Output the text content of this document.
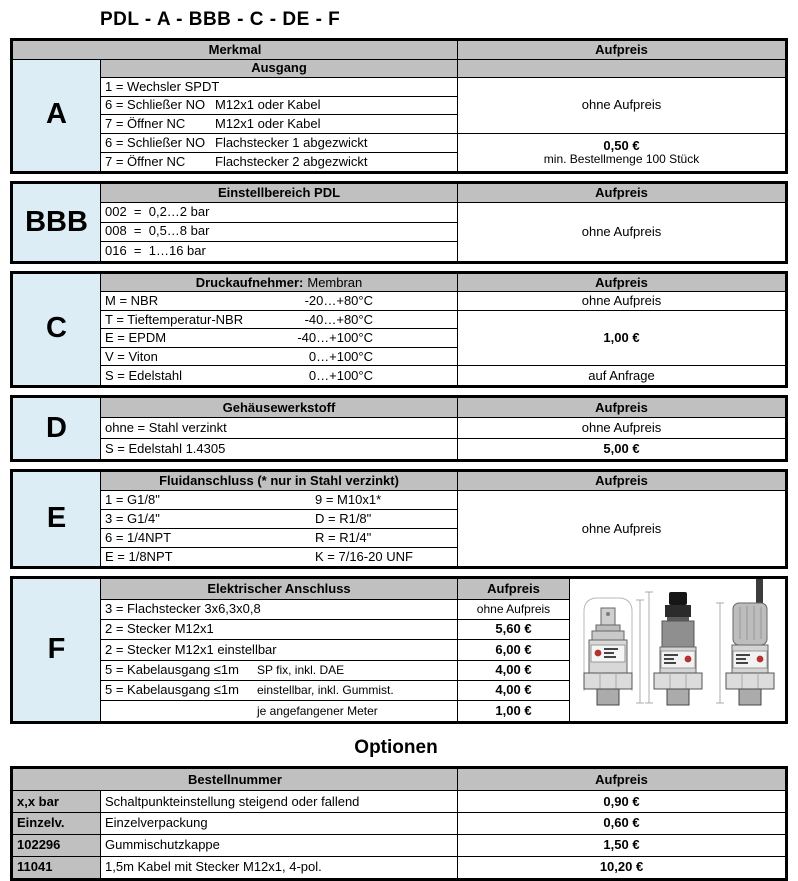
PDL - A - BBB - C - DE - F
Merkmal	Aufpreis
A
Ausgang
1 = Wechsler SPDT
6 = Schließer NO M12x1 oder Kabel
7 = Öffner NC	M12x1 oder Kabel
ohne Aufpreis
6 = Schließer NO Flachstecker 1 abgezwickt
7 = Öffner NC	Flachstecker 2 abgezwickt
0,50 €
min. Bestellmenge 100 Stück
BBB
Einstellbereich PDL	Aufpreis
002  =  0,2…2 bar
008  =  0,5…8 bar
016  =  1…16 bar
ohne Aufpreis
C
Druckaufnehmer: Membran	Aufpreis
M = NBR	-20…+80°C	ohne Aufpreis
T = Tieftemperatur-NBR	-40…+80°C
E = EPDM	-40…+100°C
V = Viton	0…+100°C
1,00 €
S = Edelstahl	0…+100°C	auf Anfrage
D
Gehäusewerkstoff	Aufpreis
ohne = Stahl verzinkt	ohne Aufpreis
S = Edelstahl 1.4305	5,00 €
E
Fluidanschluss (* nur in Stahl verzinkt)	Aufpreis
1 = G1/8"	9 = M10x1*
3 = G1/4"	D = R1/8"
6 = 1/4NPT	R = R1/4"
E = 1/8NPT	K = 7/16-20 UNF
ohne Aufpreis
F
Elektrischer Anschluss	Aufpreis
3 = Flachstecker 3x6,3x0,8	ohne Aufpreis
2 = Stecker M12x1	5,60 €
2 = Stecker M12x1 einstellbar	6,00 €
5 = Kabelausgang ≤1m	SP fix, inkl. DAE	4,00 €
5 = Kabelausgang ≤1m	einstellbar, inkl. Gummist.	4,00 €
je angefangener Meter	1,00 €
Optionen
Bestellnummer	Aufpreis
x,x bar	Schaltpunkteinstellung steigend oder fallend	0,90 €
Einzelv.	Einzelverpackung	0,60 €
102296	Gummischutzkappe	1,50 €
11041	1,5m Kabel mit Stecker M12x1, 4-pol.	10,20 €
